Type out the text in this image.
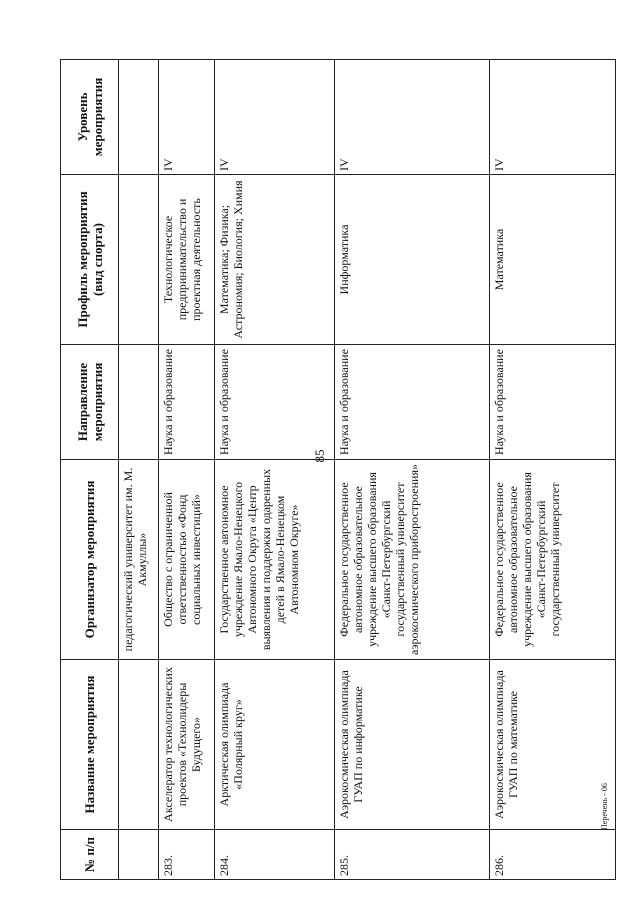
85
№ п/п	Название мероприятия	Организатор мероприятия	Направление мероприятия	Профиль мероприятия (вид спорта)	Уровень мероприятия
		педагогический университет им. М. Акмуллы»			
283.	Акселератор технологических проектов «Технолидеры Будущего»	Общество с ограниченной ответственностью «Фонд социальных инвестиций»	Наука и образование	Технологическое предпринимательство и проектная деятельность	IV
284.	Арктическая олимпиада «Полярный круг»	Государственное автономное учреждение Ямало-Ненецкого Автономного Округа «Центр выявления и поддержки одаренных детей в Ямало-Ненецком Автономном Округе»	Наука и образование	Математика; Физика; Астрономия; Биология; Химия	IV
285.	Аэрокосмическая олимпиада ГУАП по информатике	Федеральное государственное автономное образовательное учреждение высшего образования «Санкт-Петербургский государственный университет аэрокосмического приборостроения»	Наука и образование	Информатика	IV
286.	Аэрокосмическая олимпиада ГУАП по математике	Федеральное государственное автономное образовательное учреждение высшего образования «Санкт-Петербургский государственный университет	Наука и образование	Математика	IV
Перечень - 06
